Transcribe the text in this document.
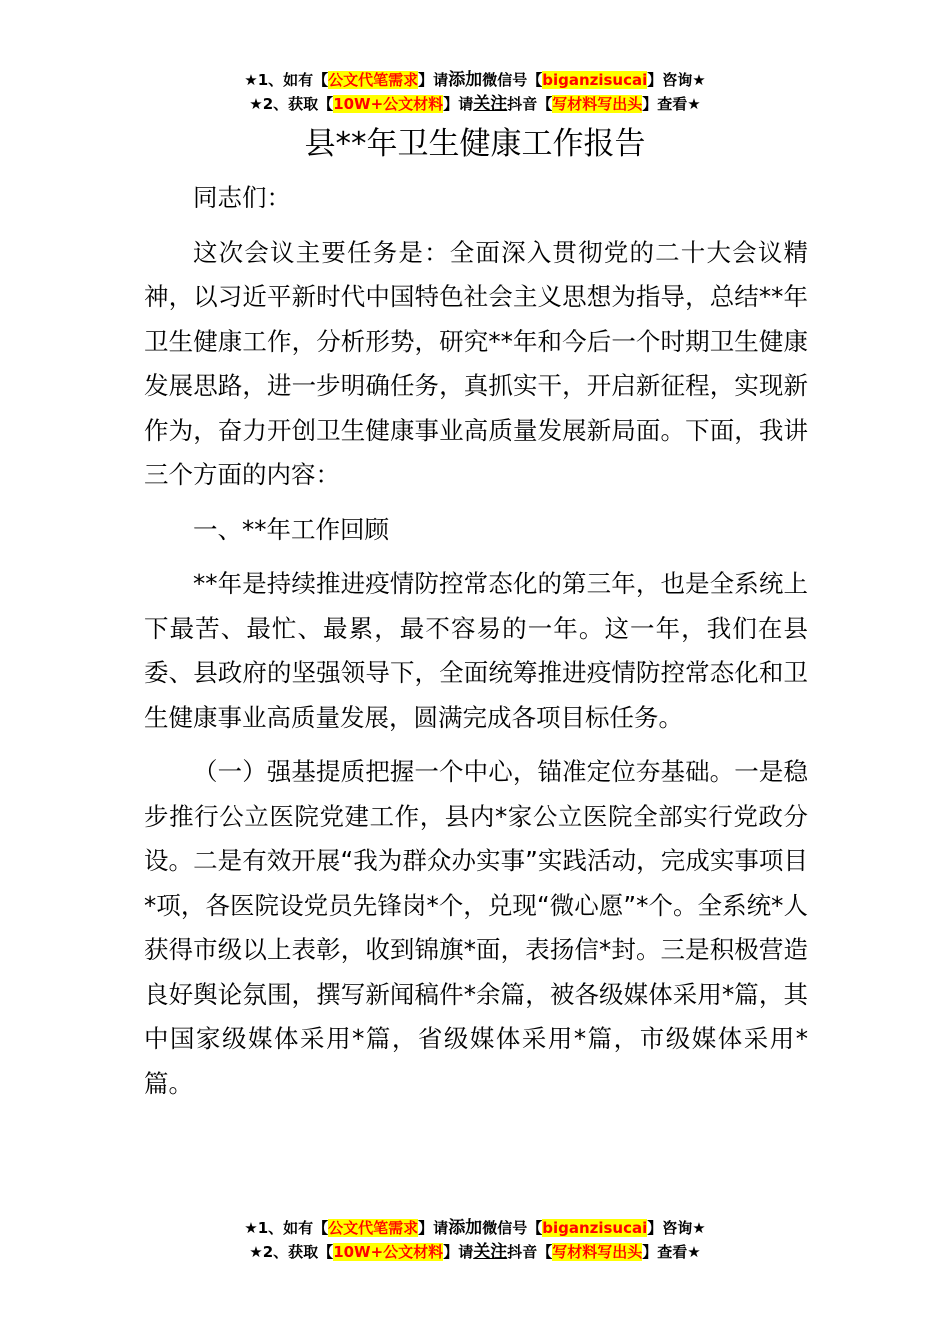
★1、如有【公文代笔需求】请添加微信号【biganzisucai】咨询★
★2、获取【10W+公文材料】请关注抖音【写材料写出头】查看★
县**年卫生健康工作报告

同志们：

这次会议主要任务是：全面深入贯彻党的二十大会议精神，以习近平新时代中国特色社会主义思想为指导，总结**年卫生健康工作，分析形势，研究**年和今后一个时期卫生健康发展思路，进一步明确任务，真抓实干，开启新征程，实现新作为，奋力开创卫生健康事业高质量发展新局面。下面，我讲三个方面的内容：

一、**年工作回顾

**年是持续推进疫情防控常态化的第三年，也是全系统上下最苦、最忙、最累，最不容易的一年。这一年，我们在县委、县政府的坚强领导下，全面统筹推进疫情防控常态化和卫生健康事业高质量发展，圆满完成各项目标任务。

（一）强基提质把握一个中心，锚准定位夯基础。一是稳步推行公立医院党建工作，县内*家公立医院全部实行党政分设。二是有效开展“我为群众办实事”实践活动，完成实事项目*项，各医院设党员先锋岗*个，兑现“微心愿”*个。全系统*人获得市级以上表彰，收到锦旗*面，表扬信*封。三是积极营造良好舆论氛围，撰写新闻稿件*余篇，被各级媒体采用*篇，其中国家级媒体采用*篇，省级媒体采用*篇，市级媒体采用*篇。

★1、如有【公文代笔需求】请添加微信号【biganzisucai】咨询★
★2、获取【10W+公文材料】请关注抖音【写材料写出头】查看★
